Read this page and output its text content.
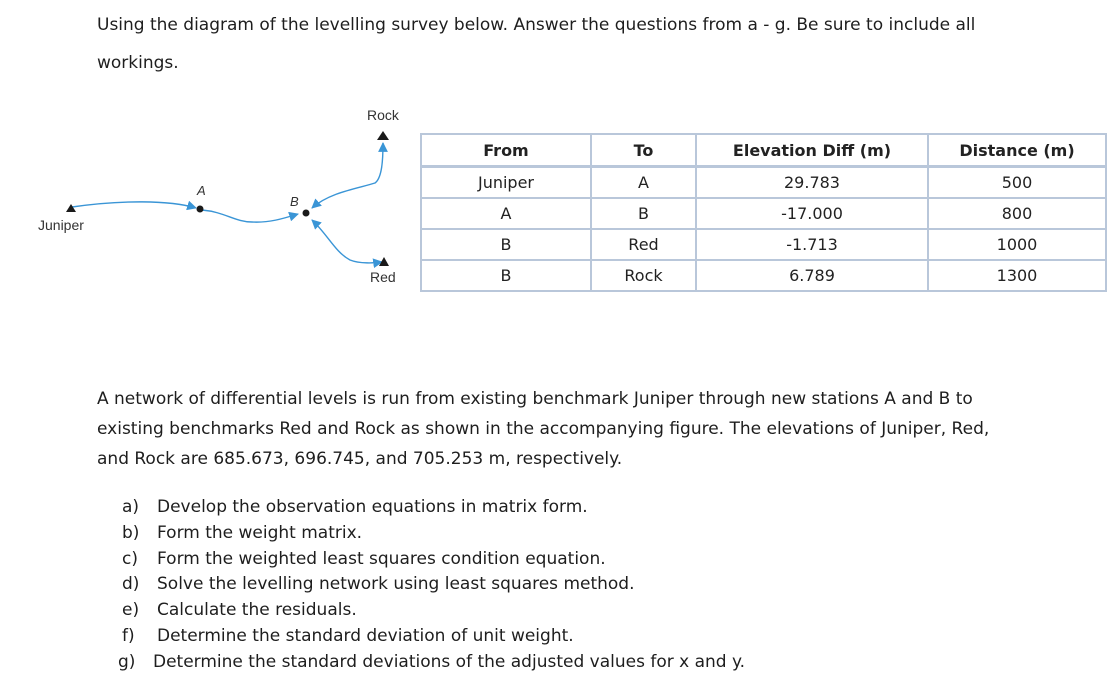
Using the diagram of the levelling survey below. Answer the questions from a - g. Be sure to include all
workings.

Rock
Juniper
A
B
Red
From	To	Elevation Diff (m)	Distance (m)
Juniper	A	29.783	500
A	B	-17.000	800
B	Red	-1.713	1000
B	Rock	6.789	1300

A network of differential levels is run from existing benchmark Juniper through new stations A and B to
existing benchmarks Red and Rock as shown in the accompanying figure. The elevations of Juniper, Red,
and Rock are 685.673, 696.745, and 705.253 m, respectively.

a)	Develop the observation equations in matrix form.
b)	Form the weight matrix.
c)	Form the weighted least squares condition equation.
d)	Solve the levelling network using least squares method.
e)	Calculate the residuals.
f)	Determine the standard deviation of unit weight.
g)	Determine the standard deviations of the adjusted values for x and y.
